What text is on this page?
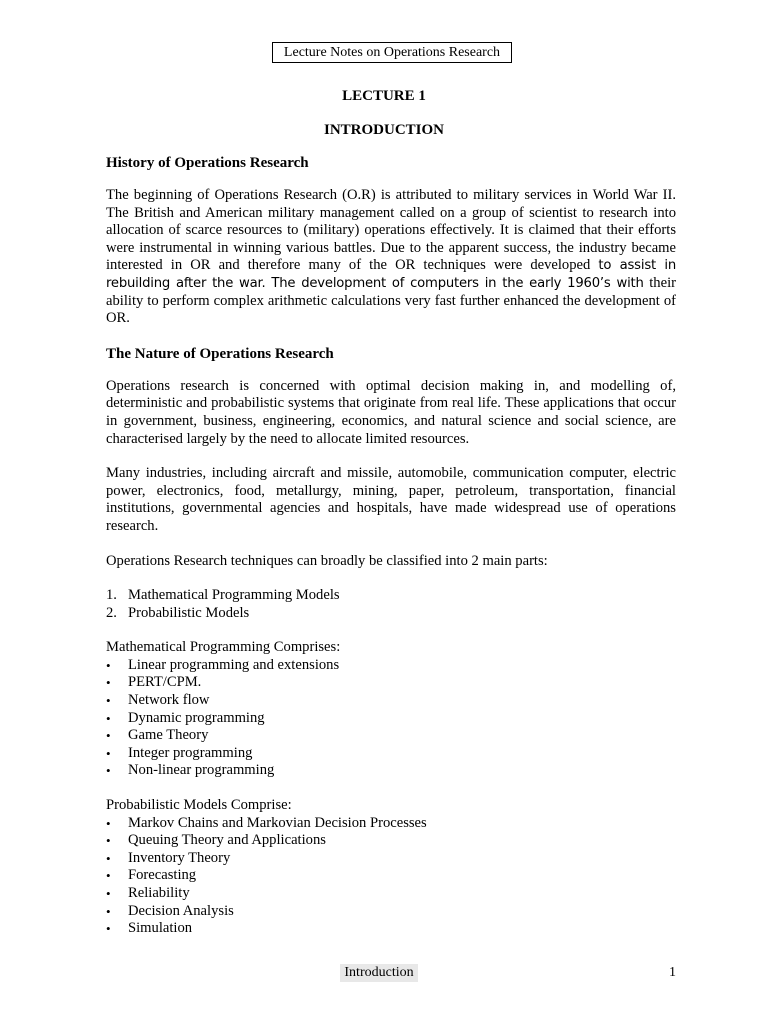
Lecture Notes on Operations Research
LECTURE 1
INTRODUCTION
History of Operations Research

The beginning of Operations Research (O.R) is attributed to military services in World War II. The British and American military management called on a group of scientist to research into allocation of scarce resources to (military) operations effectively. It is claimed that their efforts were instrumental in winning various battles. Due to the apparent success, the industry became interested in OR and therefore many of the OR techniques were developed to assist in rebuilding after the war. The development of computers in the early 1960’s with their ability to perform complex arithmetic calculations very fast further enhanced the development of OR.

The Nature of Operations Research

Operations research is concerned with optimal decision making in, and modelling of, deterministic and probabilistic systems that originate from real life. These applications that occur in government, business, engineering, economics, and natural science and social science, are characterised largely by the need to allocate limited resources.

Many industries, including aircraft and missile, automobile, communication computer, electric power, electronics, food, metallurgy, mining, paper, petroleum, transportation, financial institutions, governmental agencies and hospitals, have made widespread use of operations research.

Operations Research techniques can broadly be classified into 2 main parts:

1. Mathematical Programming Models
2. Probabilistic Models
Mathematical Programming Comprises:
• Linear programming and extensions
• PERT/CPM.
• Network flow
• Dynamic programming
• Game Theory
• Integer programming
• Non-linear programming
Probabilistic Models Comprise:
• Markov Chains and Markovian Decision Processes
• Queuing Theory and Applications
• Inventory Theory
• Forecasting
• Reliability
• Decision Analysis
• Simulation
Introduction	1
